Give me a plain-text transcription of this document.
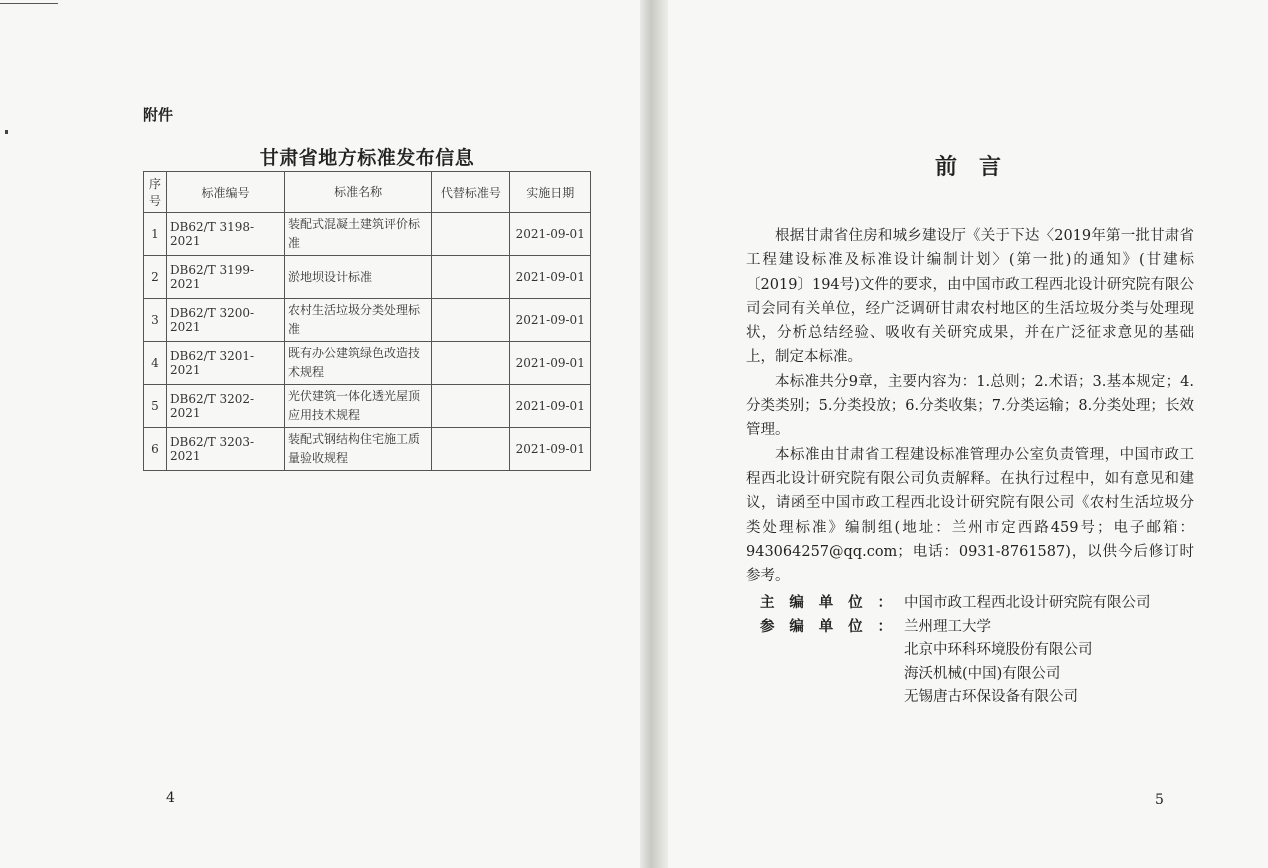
附件
甘肃省地方标准发布信息
序号	标准编号	标准名称	代替标准号	实施日期
1	DB62/T 3198-2021	装配式混凝土建筑评价标准		2021-09-01
2	DB62/T 3199-2021	淤地坝设计标准		2021-09-01
3	DB62/T 3200-2021	农村生活垃圾分类处理标准		2021-09-01
4	DB62/T 3201-2021	既有办公建筑绿色改造技术规程		2021-09-01
5	DB62/T 3202-2021	光伏建筑一体化透光屋顶应用技术规程		2021-09-01
6	DB62/T 3203-2021	装配式钢结构住宅施工质量验收规程		2021-09-01
4
前言

根据甘肃省住房和城乡建设厅《关于下达〈2019年第一批甘肃省工程建设标准及标准设计编制计划〉(第一批)的通知》(甘建标〔2019〕194号)文件的要求，由中国市政工程西北设计研究院有限公司会同有关单位，经广泛调研甘肃农村地区的生活垃圾分类与处理现状，分析总结经验、吸收有关研究成果，并在广泛征求意见的基础上，制定本标准。

本标准共分9章，主要内容为：1.总则；2.术语；3.基本规定；4.分类类别；5.分类投放；6.分类收集；7.分类运输；8.分类处理；长效管理。

本标准由甘肃省工程建设标准管理办公室负责管理，中国市政工程西北设计研究院有限公司负责解释。在执行过程中，如有意见和建议，请函至中国市政工程西北设计研究院有限公司《农村生活垃圾分类处理标准》编制组(地址：兰州市定西路459号；电子邮箱：943064257@qq.com；电话：0931-8761587)，以供今后修订时参考。

主 编 单 位 ： 中国市政工程西北设计研究院有限公司
参 编 单 位 ： 兰州理工大学
北京中环科环境股份有限公司
海沃机械(中国)有限公司
无锡唐古环保设备有限公司
5
